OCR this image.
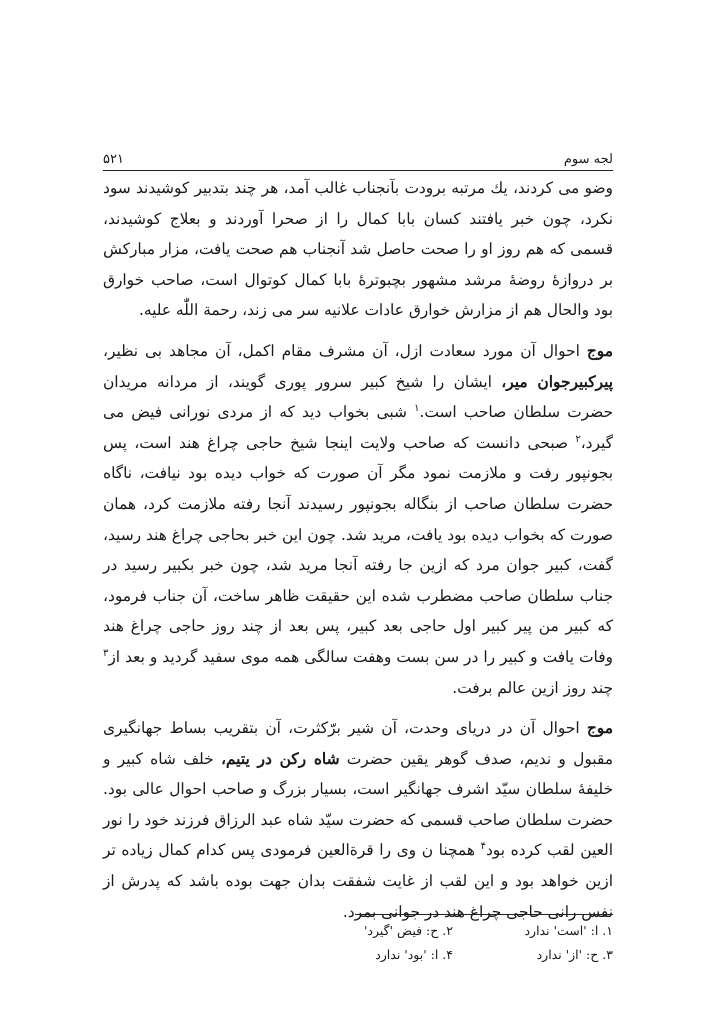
۵۲۱	لجه سوم

وضو می کردند، یك مرتبه برودت بآنجناب غالب آمد، هر چند بتدبیر کوشیدند سود نکرد، چون خبر یافتند کسان بابا کمال را از صحرا آوردند و بعلاج کوشیدند، قسمی که هم روز او را صحت حاصل شد آنجناب هم صحت یافت، مزار مبارکش بر دروازهٔ روضهٔ مرشد مشهور بچبوترهٔ بابا کمال کوتوال است، صاحب خوارق بود والحال هم از مزارش خوارق عادات علانیه سر می زند، رحمة اللّٰه علیه.

موج احوال آن مورد سعادت ازل، آن مشرف مقام اکمل، آن مجاهد بی نظیر، پیرکبیرجوان میر، ایشان را شیخ کبیر سرور پوری گویند، از مردانه مریدان حضرت سلطان صاحب است.$^۱$ شبی بخواب دید که از مردی نورانی فیض می گیرد،$^۲$ صبحی دانست که صاحب ولایت اینجا شیخ حاجی چراغ هند است، پس بجونپور رفت و ملازمت نمود مگر آن صورت که خواب دیده بود نیافت، ناگاه حضرت سلطان صاحب از بنگاله بجونپور رسیدند آنجا رفته ملازمت کرد، همان صورت که بخواب دیده بود یافت، مرید شد. چون این خبر بحاجی چراغ هند رسید، گفت، کبیر جوان مرد که ازین جا رفته آنجا مرید شد، چون خبر بکبیر رسید در جناب سلطان صاحب مضطرب شده این حقیقت ظاهر ساخت، آن جناب فرمود، که کبیر من پیر کبیر اول حاجی بعد کبیر، پس بعد از چند روز حاجی چراغ هند وفات یافت و کبیر را در سن بست وهفت سالگی همه موی سفید گردید و بعد از$^۳$ چند روز ازین عالم برفت.

موج احوال آن در دریای وحدت، آن شیر برّکثرت، آن بتقریب بساط جهانگیری مقبول و ندیم، صدف گوهر یقین حضرت شاه رکن در یتیم، خلف شاه کبیر و خلیفهٔ سلطان سیّد اشرف جهانگیر است، بسیار بزرگ و صاحب احوال عالی بود. حضرت سلطان صاحب قسمی که حضرت سیّد شاه عبد الرزاق فرزند خود را نور العین لقب کرده بود$^۴$ همچنا ن وی را قرةالعین فرمودی پس کدام کمال زیاده تر ازین خواهد بود و این لقب از غایت شفقت بدان جهت بوده باشد که پدرش از نفس رانی حاجی چراغ هند در جوانی بمرد.

۱. ا: 'است' ندارد
۲. ح: فیض 'گیرد'
۳. ح: 'از' ندارد
۴. ا: 'بود' ندارد
